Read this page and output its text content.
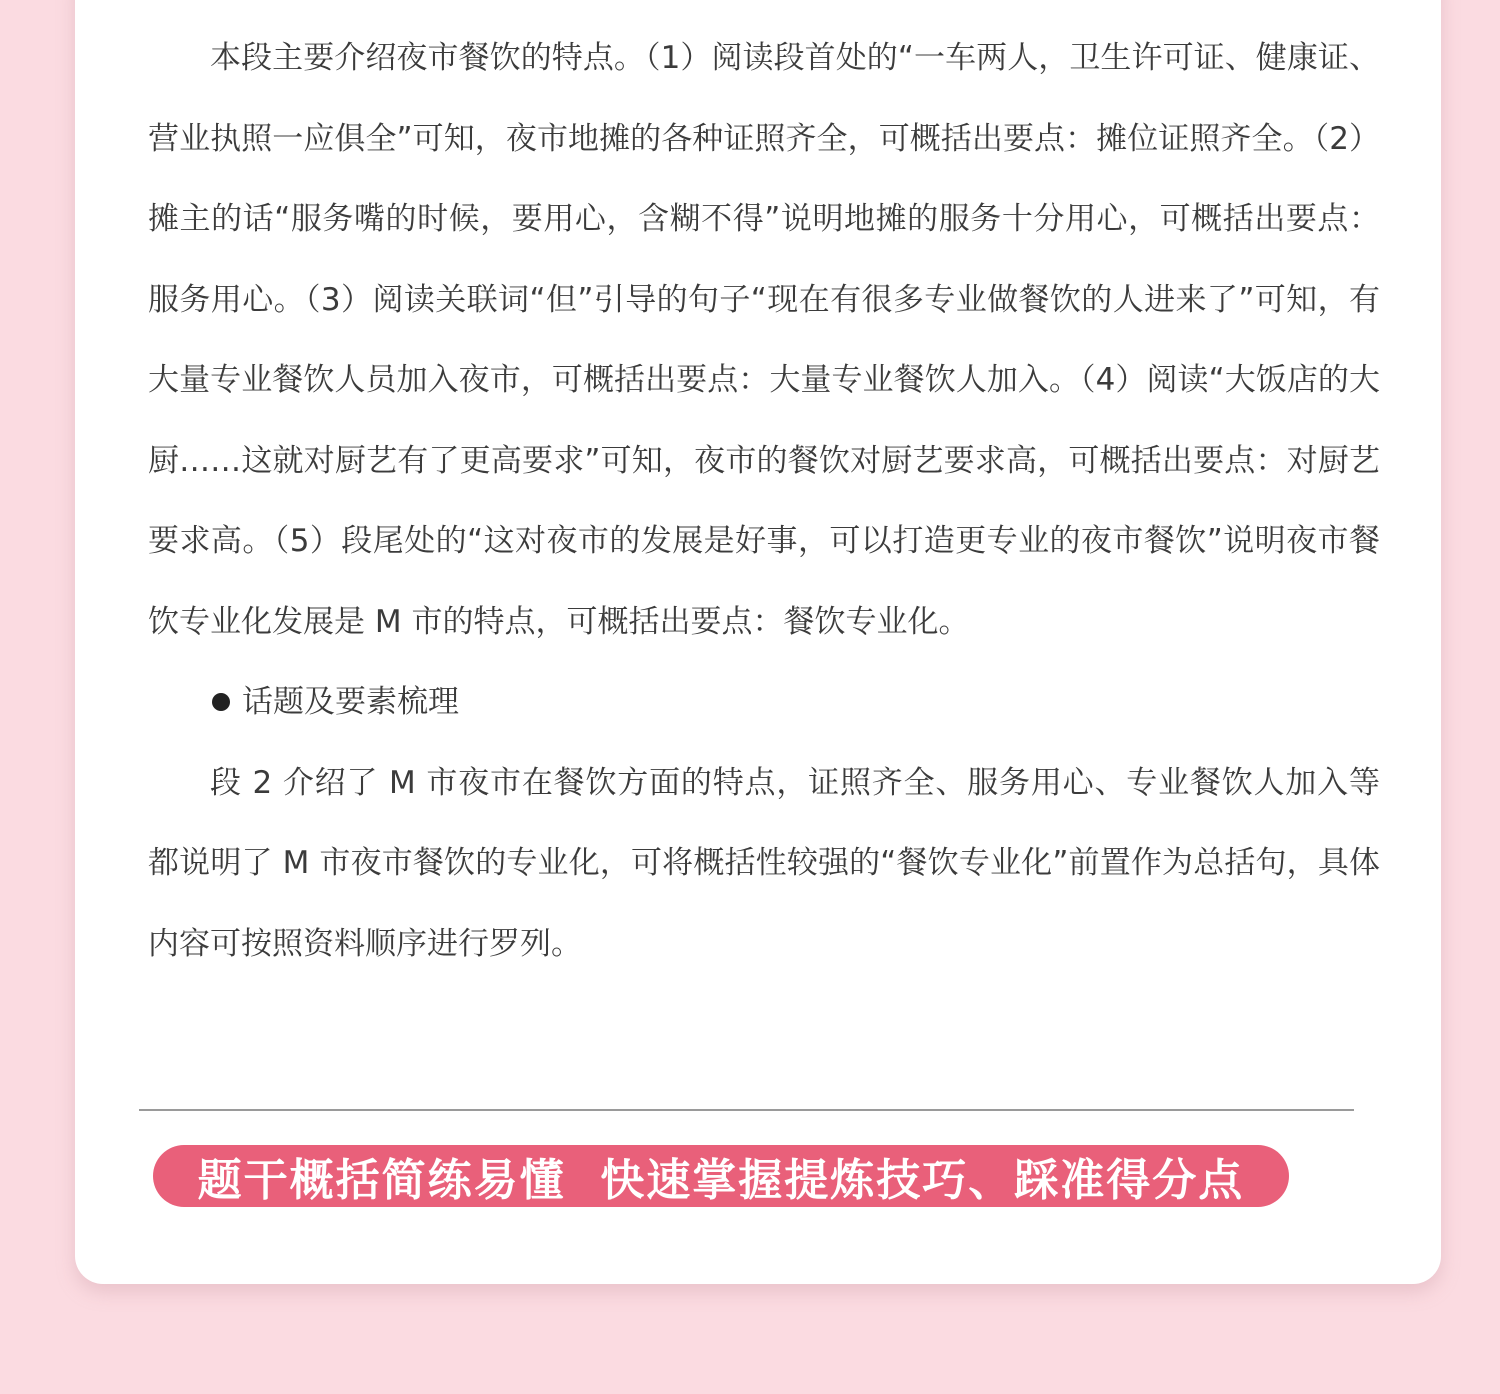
本段主要介绍夜市餐饮的特点。（1）阅读段首处的“一车两人，卫生许可证、健康证、营业执照一应俱全”可知，夜市地摊的各种证照齐全，可概括出要点：摊位证照齐全。（2）摊主的话“服务嘴的时候，要用心，含糊不得”说明地摊的服务十分用心，可概括出要点：服务用心。（3）阅读关联词“但”引导的句子“现在有很多专业做餐饮的人进来了”可知，有大量专业餐饮人员加入夜市，可概括出要点：大量专业餐饮人加入。（4）阅读“大饭店的大厨……这就对厨艺有了更高要求”可知，夜市的餐饮对厨艺要求高，可概括出要点：对厨艺要求高。（5）段尾处的“这对夜市的发展是好事，可以打造更专业的夜市餐饮”说明夜市餐饮专业化发展是 M 市的特点，可概括出要点：餐饮专业化。

话题及要素梳理

段 2 介绍了 M 市夜市在餐饮方面的特点，证照齐全、服务用心、专业餐饮人加入等都说明了 M 市夜市餐饮的专业化，可将概括性较强的“餐饮专业化”前置作为总括句，具体内容可按照资料顺序进行罗列。

题干概括简练易懂  快速掌握提炼技巧、踩准得分点
